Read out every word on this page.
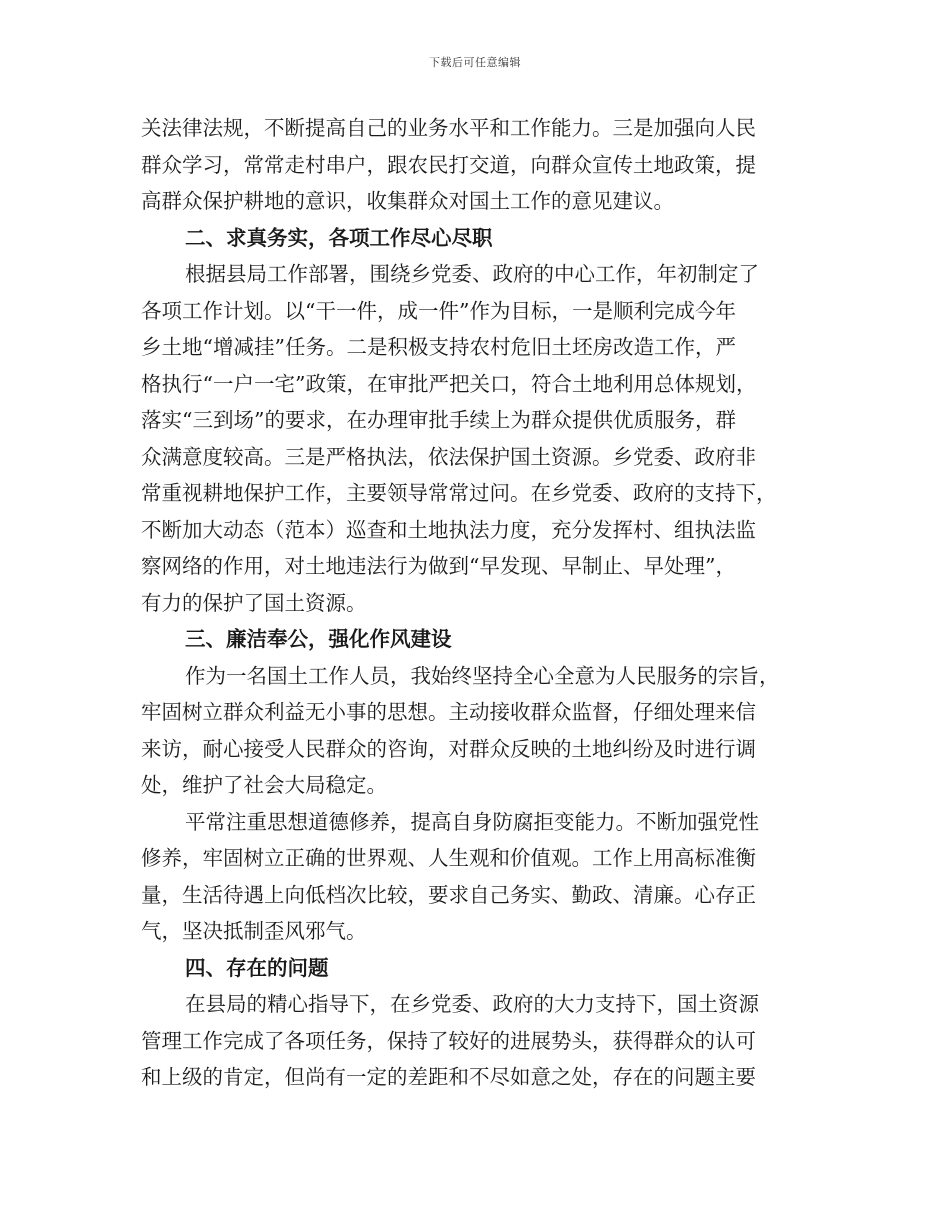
下载后可任意编辑
关法律法规，不断提高自己的业务水平和工作能力。三是加强向人民
群众学习，常常走村串户，跟农民打交道，向群众宣传土地政策，提
高群众保护耕地的意识，收集群众对国土工作的意见建议。
二、求真务实，各项工作尽心尽职
根据县局工作部署，围绕乡党委、政府的中心工作，年初制定了
各项工作计划。以“干一件，成一件”作为目标，一是顺利完成今年
乡土地“增减挂”任务。二是积极支持农村危旧土坯房改造工作，严
格执行“一户一宅”政策，在审批严把关口，符合土地利用总体规划，
落实“三到场”的要求，在办理审批手续上为群众提供优质服务，群
众满意度较高。三是严格执法，依法保护国土资源。乡党委、政府非
常重视耕地保护工作，主要领导常常过问。在乡党委、政府的支持下，
不断加大动态（范本）巡查和土地执法力度，充分发挥村、组执法监
察网络的作用，对土地违法行为做到“早发现、早制止、早处理”，
有力的保护了国土资源。
三、廉洁奉公，强化作风建设
作为一名国土工作人员，我始终坚持全心全意为人民服务的宗旨，
牢固树立群众利益无小事的思想。主动接收群众监督，仔细处理来信
来访，耐心接受人民群众的咨询，对群众反映的土地纠纷及时进行调
处，维护了社会大局稳定。
平常注重思想道德修养，提高自身防腐拒变能力。不断加强党性
修养，牢固树立正确的世界观、人生观和价值观。工作上用高标准衡
量，生活待遇上向低档次比较，要求自己务实、勤政、清廉。心存正
气，坚决抵制歪风邪气。
四、存在的问题
在县局的精心指导下，在乡党委、政府的大力支持下，国土资源
管理工作完成了各项任务，保持了较好的进展势头，获得群众的认可
和上级的肯定，但尚有一定的差距和不尽如意之处，存在的问题主要
